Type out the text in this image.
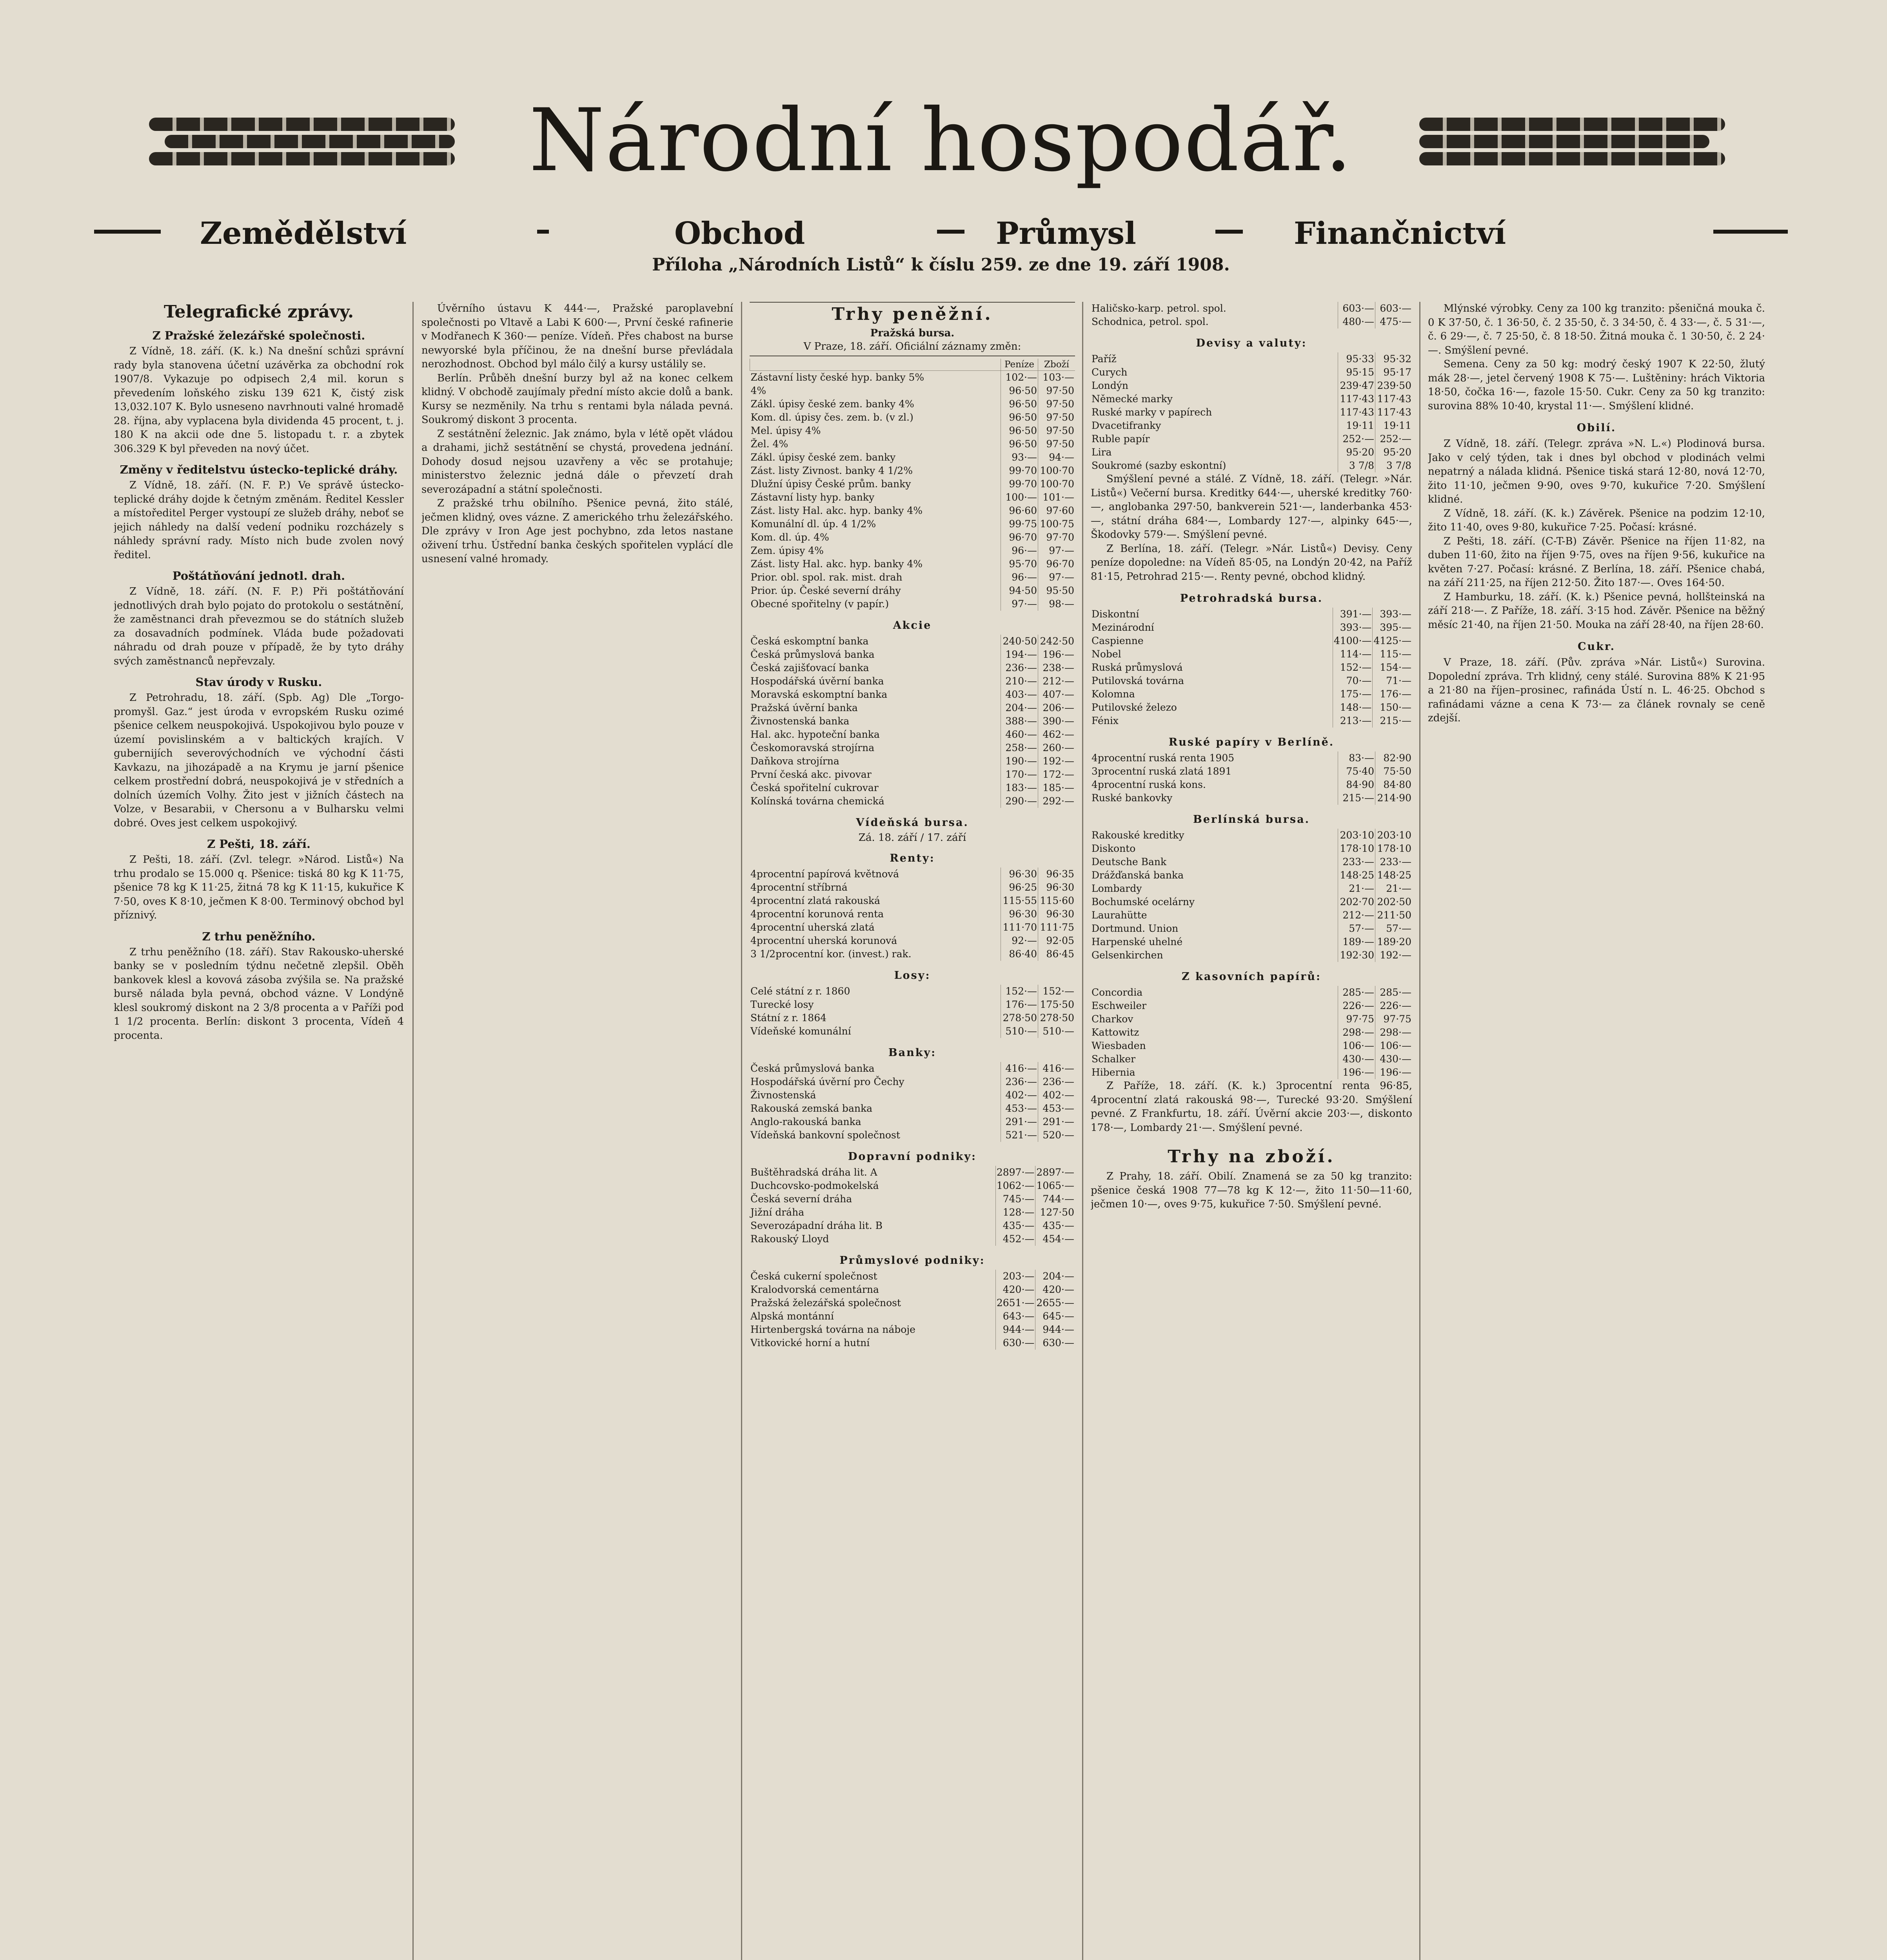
Národní hospodář.
Zemědělství	Obchod	Průmysl	Finančnictví
Příloha „Národních Listů“ k číslu 259. ze dne 19. září 1908.
Telegrafické zprávy.
Z Pražské železářské společnosti.

Z Vídně, 18. září. (K. k.) Na dnešní schůzi správní rady byla stanovena účetní uzávěrka za obchodní rok 1907/8. Vykazuje po odpisech 2,4 mil. korun s převedením loňského zisku 139 621 K, čistý zisk 13,032.107 K. Bylo usneseno navrhnouti valné hromadě 28. října, aby vyplacena byla dividenda 45 procent, t. j. 180 K na akcii ode dne 5. listopadu t. r. a zbytek 306.329 K byl převeden na nový účet.

Změny v ředitelstvu ústecko-teplické dráhy.

Z Vídně, 18. září. (N. F. P.) Ve správě ústecko-teplické dráhy dojde k četným změnám. Ředitel Kessler a místoředitel Perger vystoupí ze služeb dráhy, neboť se jejich náhledy na další vedení podniku rozcházely s náhledy správní rady. Místo nich bude zvolen nový ředitel.

Poštátňování jednotl. drah.

Z Vídně, 18. září. (N. F. P.) Při poštátňování jednotlivých drah bylo pojato do protokolu o sestátnění, že zaměstnanci drah převezmou se do státních služeb za dosavadních podmínek. Vláda bude požadovati náhradu od drah pouze v případě, že by tyto dráhy svých zaměstnanců nepřevzaly.

Stav úrody v Rusku.

Z Petrohradu, 18. září. (Spb. Ag) Dle „Torgo-promyšl. Gaz.“ jest úroda v evropském Rusku ozimé pšenice celkem neuspokojivá. Uspokojivou bylo pouze v území povislinském a v baltických krajích. V gubernijích severovýchodních ve východní části Kavkazu, na jihozápadě a na Krymu je jarní pšenice celkem prostřední dobrá, neuspokojivá je v středních a dolních územích Volhy. Žito jest v jižních částech na Volze, v Besarabii, v Chersonu a v Bulharsku velmi dobré. Oves jest celkem uspokojivý.

Z Pešti, 18. září.

Z Pešti, 18. září. (Zvl. telegr. »Národ. Listů«) Na trhu prodalo se 15.000 q. Pšenice: tiská 80 kg K 11·75, pšenice 78 kg K 11·25, žitná 78 kg K 11·15, kukuřice K 7·50, oves K 8·10, ječmen K 8·00. Terminový obchod byl příznivý.

Z trhu peněžního.

Z trhu peněžního (18. září). Stav Rakousko-uherské banky se v posledním týdnu nečetně zlepšil. Oběh bankovek klesl a kovová zásoba zvýšila se. Na pražské bursě nálada byla pevná, obchod vázne. V Londýně klesl soukromý diskont na 2 3/8 procenta a v Paříži pod 1 1/2 procenta. Berlín: diskont 3 procenta, Vídeň 4 procenta.

Úvěrního ústavu K 444·—, Pražské paroplavební společnosti po Vltavě a Labi K 600·—, První české rafinerie v Modřanech K 360·— peníze. Vídeň. Přes chabost na burse newyorské byla příčinou, že na dnešní burse převládala nerozhodnost. Obchod byl málo čilý a kursy ustálily se.

Berlín. Průběh dnešní burzy byl až na konec celkem klidný. V obchodě zaujímaly přední místo akcie dolů a bank. Kursy se nezměnily. Na trhu s rentami byla nálada pevná. Soukromý diskont 3 procenta.

Z sestátnění železnic. Jak známo, byla v létě opět vládou a drahami, jichž sestátnění se chystá, provedena jednání. Dohody dosud nejsou uzavřeny a věc se protahuje; ministerstvo železnic jedná dále o převzetí drah severozápadní a státní společnosti.

Z pražské trhu obilního. Pšenice pevná, žito stálé, ječmen klidný, oves vázne. Z amerického trhu železářského. Dle zprávy v Iron Age jest pochybno, zda letos nastane oživení trhu. Ústřední banka českých spořitelen vyplácí dle usnesení valné hromady.

Trhy peněžní.
Pražská bursa.
V Praze, 18. září. Oficiální záznamy změn:
	Peníze	Zboží
Zástavní listy české hyp. banky 5%	102·—	103·—
4%	96·50	97·50
Zákl. úpisy české zem. banky 4%	96·50	97·50
Kom. dl. úpisy čes. zem. b. (v zl.)	96·50	97·50
Mel. úpisy 4%	96·50	97·50
Žel. 4%	96·50	97·50
Zákl. úpisy české zem. banky	93·—	94·—
Zást. listy Zivnost. banky 4 1/2%	99·70	100·70
Dlužní úpisy České prům. banky	99·70	100·70
Zástavní listy hyp. banky	100·—	101·—
Zást. listy Hal. akc. hyp. banky 4%	96·60	97·60
Komunální dl. úp. 4 1/2%	99·75	100·75
Kom. dl. úp. 4%	96·70	97·70
Zem. úpisy 4%	96·—	97·—
Zást. listy Hal. akc. hyp. banky 4%	95·70	96·70
Prior. obl. spol. rak. mist. drah	96·—	97·—
Prior. úp. České severní dráhy	94·50	95·50
Obecné spořitelny (v papír.)	97·—	98·—
Akcie
Česká eskomptní banka	240·50	242·50
Česká průmyslová banka	194·—	196·—
Česká zajišťovací banka	236·—	238·—
Hospodářská úvěrní banka	210·—	212·—
Moravská eskomptní banka	403·—	407·—
Pražská úvěrní banka	204·—	206·—
Živnostenská banka	388·—	390·—
Hal. akc. hypoteční banka	460·—	462·—
Českomoravská strojírna	258·—	260·—
Daňkova strojírna	190·—	192·—
První česká akc. pivovar	170·—	172·—
Česká spořitelní cukrovar	183·—	185·—
Kolínská továrna chemická	290·—	292·—
Vídeňská bursa.
Zá. 18. září / 17. září
Renty:
4procentní papírová květnová	96·30	96·35
4procentní stříbrná	96·25	96·30
4procentní zlatá rakouská	115·55	115·60
4procentní korunová renta	96·30	96·30
4procentní uherská zlatá	111·70	111·75
4procentní uherská korunová	92·—	92·05
3 1/2procentní kor. (invest.) rak.	86·40	86·45
Losy:
Celé státní z r. 1860	152·—	152·—
Turecké losy	176·—	175·50
Státní z r. 1864	278·50	278·50
Vídeňské komunální	510·—	510·—
Banky:
Česká průmyslová banka	416·—	416·—
Hospodářská úvěrní pro Čechy	236·—	236·—
Živnostenská	402·—	402·—
Rakouská zemská banka	453·—	453·—
Anglo-rakouská banka	291·—	291·—
Vídeňská bankovní společnost	521·—	520·—
Dopravní podniky:
Buštěhradská dráha lit. A	2897·—	2897·—
Duchcovsko-podmokelská	1062·—	1065·—
Česká severní dráha	745·—	744·—
Jižní dráha	128·—	127·50
Severozápadní dráha lit. B	435·—	435·—
Rakouský Lloyd	452·—	454·—
Průmyslové podniky:
Česká cukerní společnost	203·—	204·—
Kralodvorská cementárna	420·—	420·—
Pražská železářská společnost	2651·—	2655·—
Alpská montánní	643·—	645·—
Hirtenbergská továrna na náboje	944·—	944·—
Vitkovické horní a hutní	630·—	630·—
Haličsko-karp. petrol. spol.	603·—	603·—
Schodnica, petrol. spol.	480·—	475·—
Devisy a valuty:
Paříž	95·33	95·32
Curych	95·15	95·17
Londýn	239·47	239·50
Německé marky	117·43	117·43
Ruské marky v papírech	117·43	117·43
Dvacetifranky	19·11	19·11
Ruble papír	252·—	252·—
Lira	95·20	95·20
Soukromé (sazby eskontní)	3 7/8	3 7/8

Smýšlení pevné a stálé. Z Vídně, 18. září. (Telegr. »Nár. Listů«) Večerní bursa. Kreditky 644·—, uherské kreditky 760·—, anglobanka 297·50, bankverein 521·—, landerbanka 453·—, státní dráha 684·—, Lombardy 127·—, alpinky 645·—, Škodovky 579·—. Smýšlení pevné.

Z Berlína, 18. září. (Telegr. »Nár. Listů«) Devisy. Ceny peníze dopoledne: na Vídeň 85·05, na Londýn 20·42, na Paříž 81·15, Petrohrad 215·—. Renty pevné, obchod klidný.

Petrohradská bursa.
Diskontní	391·—	393·—
Mezinárodní	393·—	395·—
Caspienne	4100·—	4125·—
Nobel	114·—	115·—
Ruská průmyslová	152·—	154·—
Putilovská továrna	70·—	71·—
Kolomna	175·—	176·—
Putilovské železo	148·—	150·—
Fénix	213·—	215·—
Ruské papíry v Berlíně.
4procentní ruská renta 1905	83·—	82·90
3procentní ruská zlatá 1891	75·40	75·50
4procentní ruská kons.	84·90	84·80
Ruské bankovky	215·—	214·90
Berlínská bursa.
Rakouské kreditky	203·10	203·10
Diskonto	178·10	178·10
Deutsche Bank	233·—	233·—
Drážďanská banka	148·25	148·25
Lombardy	21·—	21·—
Bochumské ocelárny	202·70	202·50
Laurahütte	212·—	211·50
Dortmund. Union	57·—	57·—
Harpenské uhelné	189·—	189·20
Gelsenkirchen	192·30	192·—
Z kasovních papírů:
Concordia	285·—	285·—
Eschweiler	226·—	226·—
Charkov	97·75	97·75
Kattowitz	298·—	298·—
Wiesbaden	106·—	106·—
Schalker	430·—	430·—
Hibernia	196·—	196·—

Z Paříže, 18. září. (K. k.) 3procentní renta 96·85, 4procentní zlatá rakouská 98·—, Turecké 93·20. Smýšlení pevné. Z Frankfurtu, 18. září. Úvěrní akcie 203·—, diskonto 178·—, Lombardy 21·—. Smýšlení pevné.

Trhy na zboží.

Z Prahy, 18. září. Obilí. Znamená se za 50 kg tranzito: pšenice česká 1908 77—78 kg K 12·—, žito 11·50—11·60, ječmen 10·—, oves 9·75, kukuřice 7·50. Smýšlení pevné.

Mlýnské výrobky. Ceny za 100 kg tranzito: pšeničná mouka č. 0 K 37·50, č. 1 36·50, č. 2 35·50, č. 3 34·50, č. 4 33·—, č. 5 31·—, č. 6 29·—, č. 7 25·50, č. 8 18·50. Žitná mouka č. 1 30·50, č. 2 24·—. Smýšlení pevné.

Semena. Ceny za 50 kg: modrý český 1907 K 22·50, žlutý mák 28·—, jetel červený 1908 K 75·—. Luštěniny: hrách Viktoria 18·50, čočka 16·—, fazole 15·50. Cukr. Ceny za 50 kg tranzito: surovina 88% 10·40, krystal 11·—. Smýšlení klidné.

Obilí.

Z Vídně, 18. září. (Telegr. zpráva »N. L.«) Plodinová bursa. Jako v celý týden, tak i dnes byl obchod v plodinách velmi nepatrný a nálada klidná. Pšenice tiská stará 12·80, nová 12·70, žito 11·10, ječmen 9·90, oves 9·70, kukuřice 7·20. Smýšlení klidné.

Z Vídně, 18. září. (K. k.) Závěrek. Pšenice na podzim 12·10, žito 11·40, oves 9·80, kukuřice 7·25. Počasí: krásné.

Z Pešti, 18. září. (C-T-B) Závěr. Pšenice na říjen 11·82, na duben 11·60, žito na říjen 9·75, oves na říjen 9·56, kukuřice na květen 7·27. Počasí: krásné. Z Berlína, 18. září. Pšenice chabá, na září 211·25, na říjen 212·50. Žito 187·—. Oves 164·50.

Z Hamburku, 18. září. (K. k.) Pšenice pevná, hollšteinská na září 218·—. Z Paříže, 18. září. 3·15 hod. Závěr. Pšenice na běžný měsíc 21·40, na říjen 21·50. Mouka na září 28·40, na říjen 28·60.

Cukr.

V Praze, 18. září. (Pův. zpráva »Nár. Listů«) Surovina. Dopolední zpráva. Trh klidný, ceny stálé. Surovina 88% K 21·95 a 21·80 na říjen–prosinec, rafináda Ústí n. L. 46·25. Obchod s rafinádami vázne a cena K 73·— za článek rovnaly se ceně zdejší.
